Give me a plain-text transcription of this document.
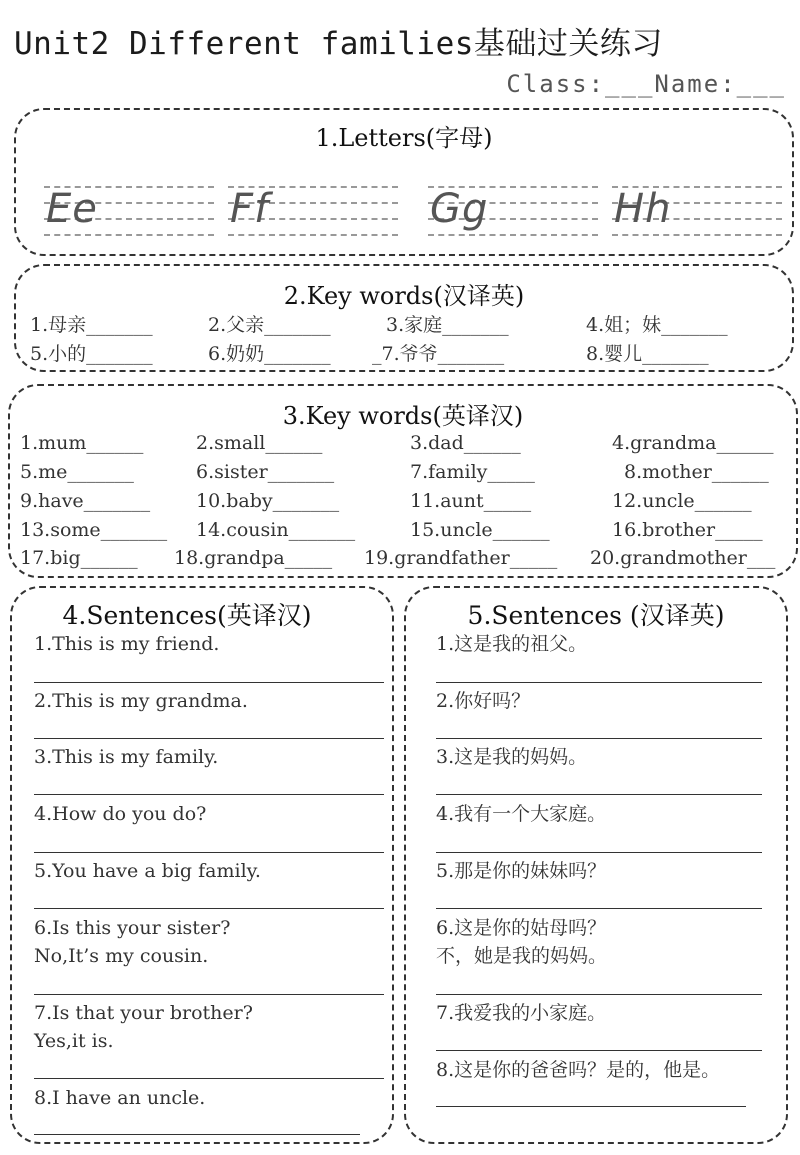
Unit2 Different families基础过关练习
Class:___Name:___
1.Letters(字母)
Ee	Ff	Gg	Hh
2.Key words(汉译英)
1.母亲_______	2.父亲_______	3.家庭_______	4.姐；妹_______
5.小的_______	6.奶奶_______ _7.爷爷_______	8.婴儿_______
3.Key words(英译汉)
1.mum______	2.small______	3.dad______	4.grandma______
5.me_______	6.sister_______	7.family_____	8.mother______
9.have_______ 10.baby_______	11.aunt_____	12.uncle______
13.some_______ 14.cousin_______	15.uncle______	16.brother_____
17.big______ 18.grandpa_____ 19.grandfather_____ 20.grandmother___
4.Sentences(英译汉)
1.This is my friend.
2.This is my grandma.
3.This is my family.
4.How do you do?
5.You have a big family.
6.Is this your sister?
No,It’s my cousin.
7.Is that your brother?
Yes,it is.
8.I have an uncle.
5.Sentences (汉译英)
1.这是我的祖父。
2.你好吗？
3.这是我的妈妈。
4.我有一个大家庭。
5.那是你的妹妹吗？
6.这是你的姑母吗？
不，她是我的妈妈。
7.我爱我的小家庭。
8.这是你的爸爸吗？是的，他是。
